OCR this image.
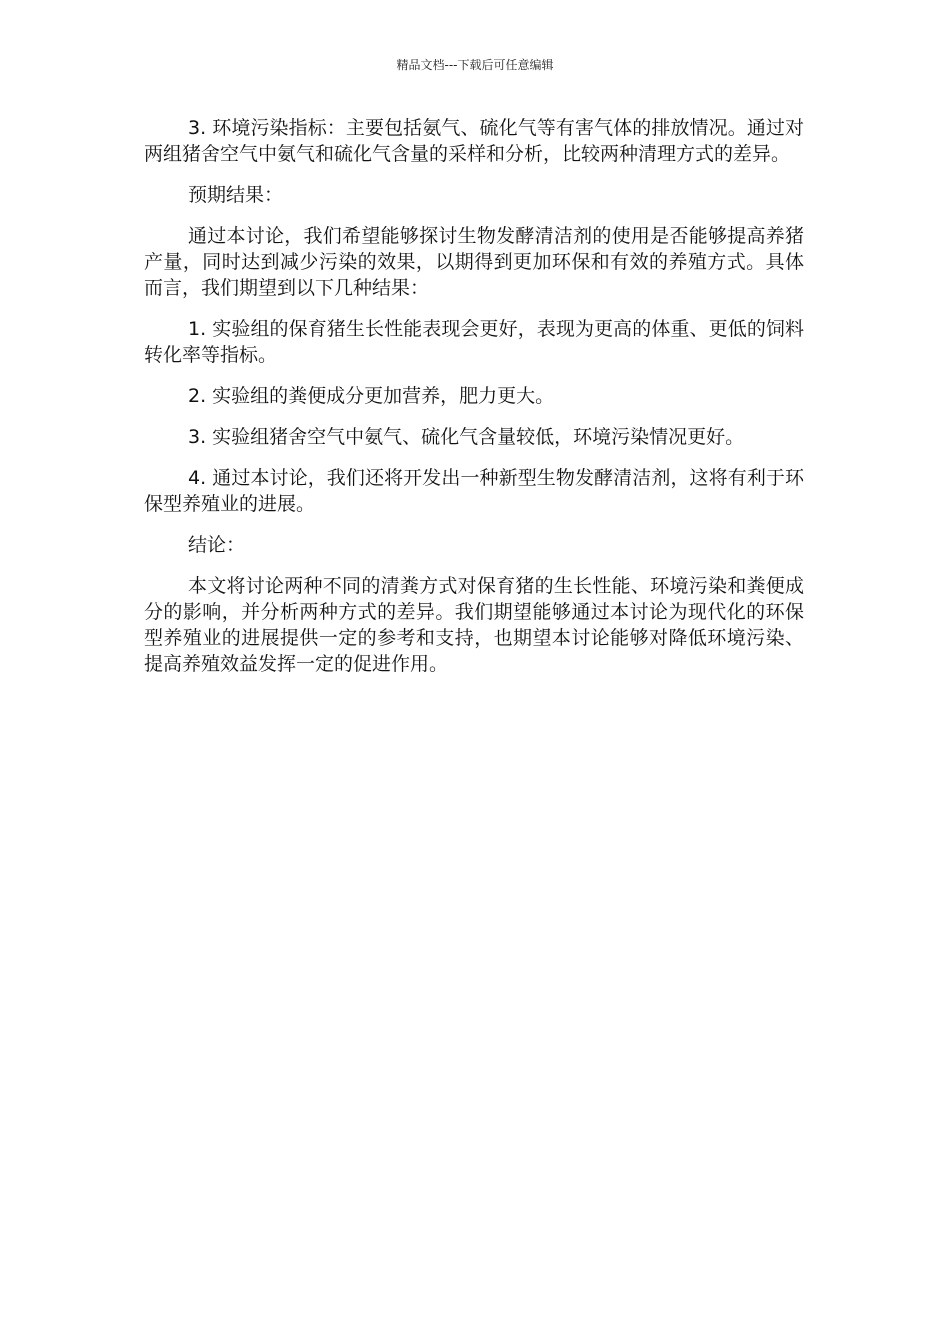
精品文档---下载后可任意编辑

3. 环境污染指标：主要包括氨气、硫化气等有害气体的排放情况。通过对两组猪舍空气中氨气和硫化气含量的采样和分析，比较两种清理方式的差异。

预期结果：

通过本讨论，我们希望能够探讨生物发酵清洁剂的使用是否能够提高养猪产量，同时达到减少污染的效果，以期得到更加环保和有效的养殖方式。具体而言，我们期望到以下几种结果：

1. 实验组的保育猪生长性能表现会更好，表现为更高的体重、更低的饲料转化率等指标。

2. 实验组的粪便成分更加营养，肥力更大。

3. 实验组猪舍空气中氨气、硫化气含量较低，环境污染情况更好。

4. 通过本讨论，我们还将开发出一种新型生物发酵清洁剂，这将有利于环保型养殖业的进展。

结论：

本文将讨论两种不同的清粪方式对保育猪的生长性能、环境污染和粪便成分的影响，并分析两种方式的差异。我们期望能够通过本讨论为现代化的环保型养殖业的进展提供一定的参考和支持，也期望本讨论能够对降低环境污染、提高养殖效益发挥一定的促进作用。
